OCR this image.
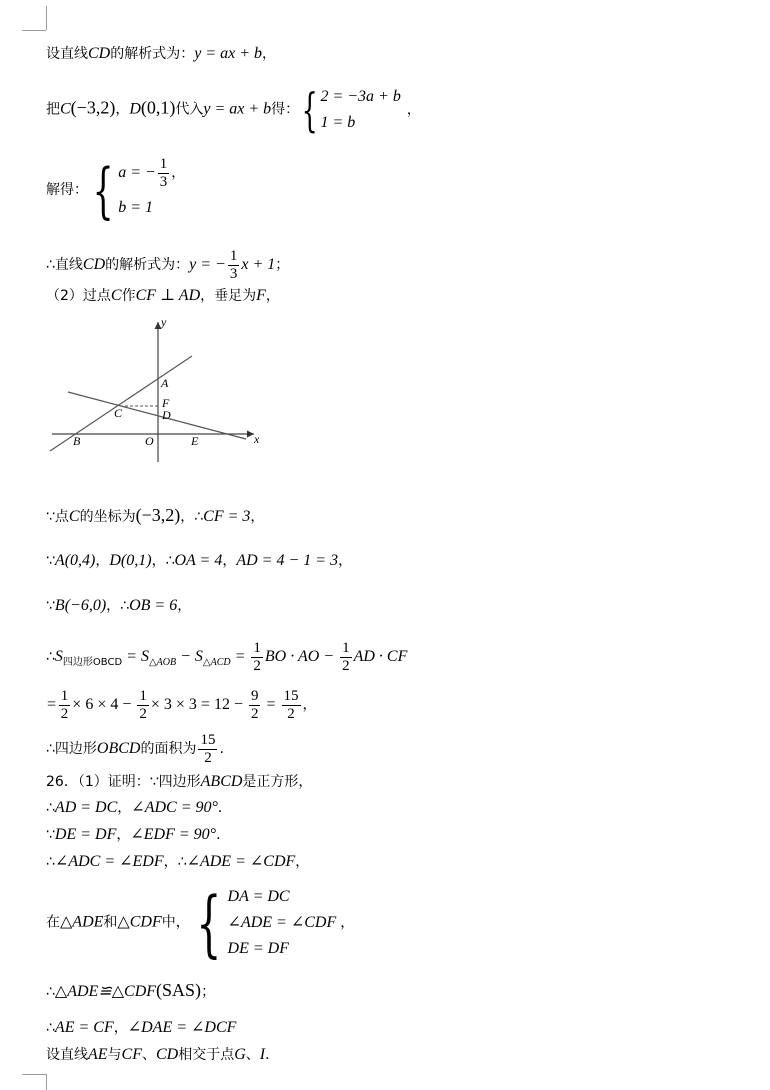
设直线CD的解析式为：y = ax + b，
把C(−3,2)，D(0,1)代入y = ax + b得：{ 2 = −3a + b
1 = b
，
解得：{ a = − $\frac{1}{3}$ ，
b = 1
∴直线CD的解析式为：y = − $\frac{1}{3}$ x + 1；
（2）过点C作CF ⊥ AD，垂足为F，
y
x
A
F
C	D
B	O	E
∵点C的坐标为(−3,2)，∴CF = 3，
∵A(0,4)，D(0,1)，∴OA = 4，AD = 4 − 1 = 3，
∵B(−6,0)，∴OB = 6，
$\therefore S_{四边形OBCD} = S_{\triangle AOB} - S_{\triangle ACD} = \frac{1}{2}$ BO · AO − $\frac{1}{2}$ AD · CF
= $\frac{1}{2} \times 6 \times 4 - \frac{1}{2} \times 3 \times 3 = 12 - \frac{9}{2} = \frac{15}{2}$ ，
∴四边形OBCD的面积为 $\frac{15}{2}$ .
26．（1）证明：∵四边形ABCD是正方形，
∴AD = DC，∠ADC = 90°．
∵DE = DF，∠EDF = 90°．
∴∠ADC = ∠EDF，∴∠ADE = ∠CDF，
在△ADE和△CDF中，{ DA = DC
∠ADE = ∠CDF
DE = DF
，
∴△ADE≌△CDF(SAS)；
∴AE = CF，∠DAE = ∠DCF
设直线AE与CF、CD相交于点G、I．
